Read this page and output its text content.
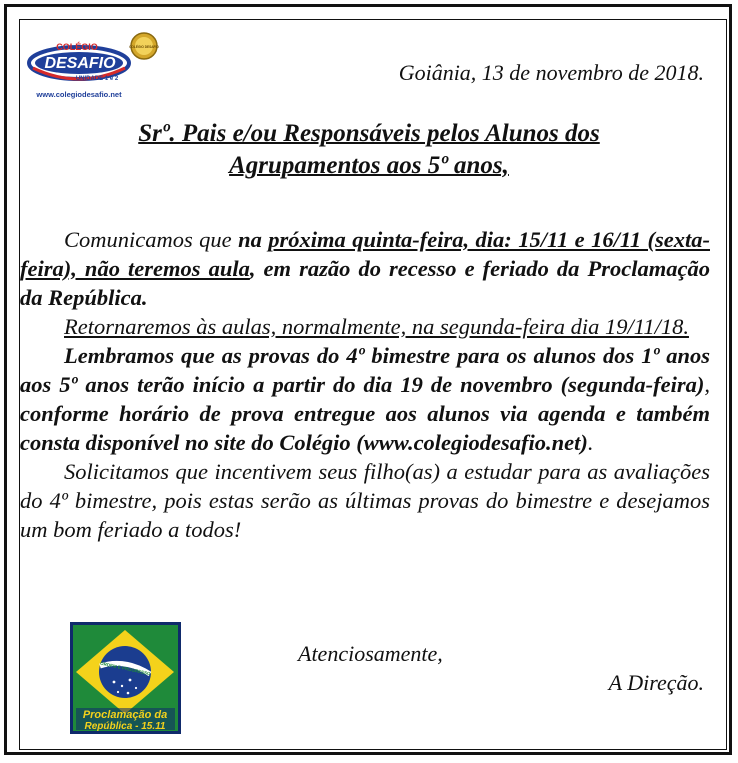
COLÉGIO
DESAFIO
UNIDADE 1 e 2
COLÉGIO DESAFIO
www.colegiodesafio.net
Goiânia, 13 de novembro de 2018.
Srº. Pais e/ou Responsáveis pelos Alunos dos
Agrupamentos aos 5º anos,

Comunicamos que na próxima quinta-feira, dia: 15/11 e 16/11 (sexta-feira), não teremos aula, em razão do recesso e feriado da Proclamação da República.

Retornaremos às aulas, normalmente, na segunda-feira dia 19/11/18.

Lembramos que as provas do 4º bimestre para os alunos dos 1º anos aos 5º anos terão início a partir do dia 19 de novembro (segunda-feira), conforme horário de prova entregue aos alunos via agenda e também consta disponível no site do Colégio (www.colegiodesafio.net).

Solicitamos que incentivem seus filho(as) a estudar para as avaliações do 4º bimestre, pois estas serão as últimas provas do bimestre e desejamos um bom feriado a todos!

ORDEM E PROGRESSO
Proclamação da
República - 15.11
Atenciosamente,
A Direção.
